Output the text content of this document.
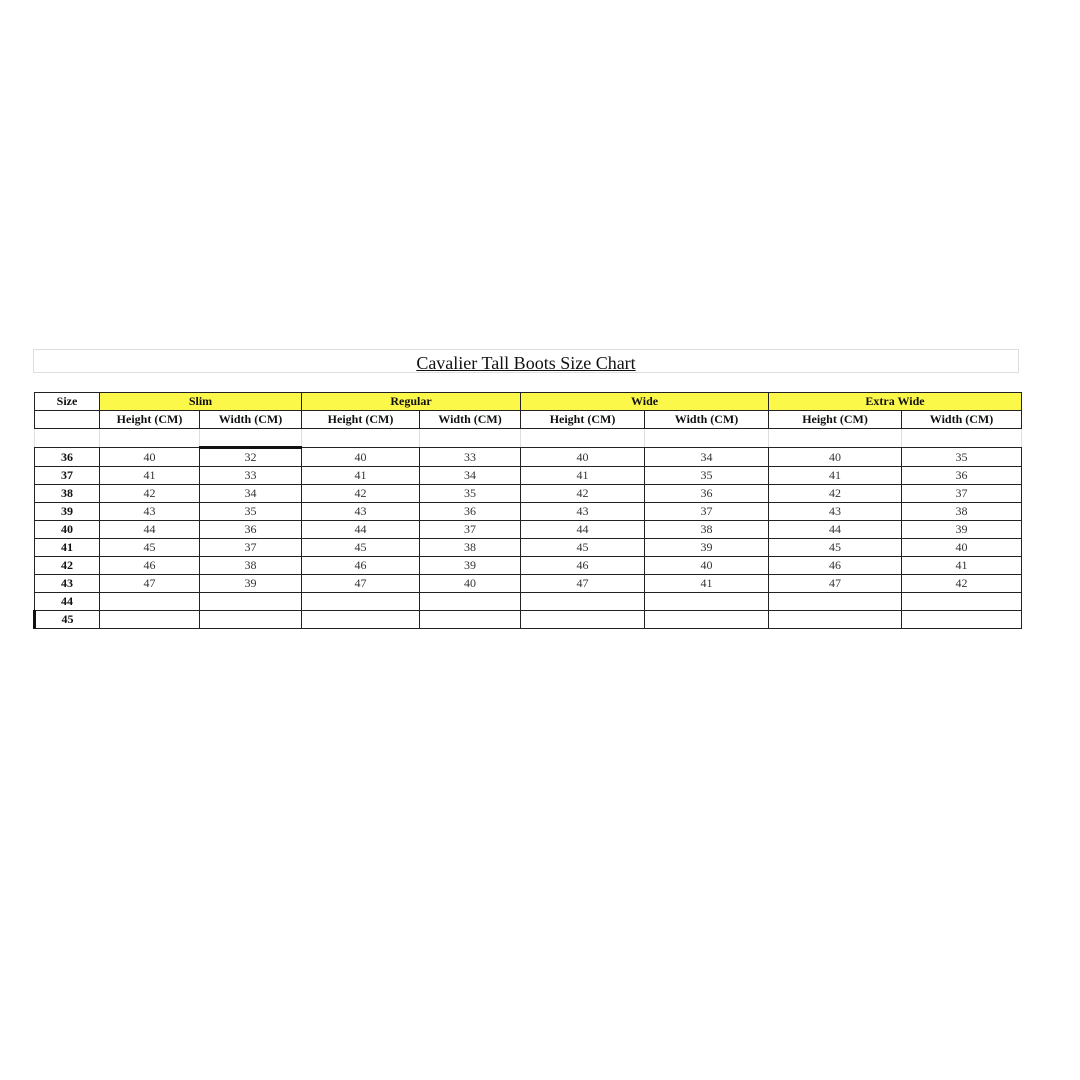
Cavalier Tall Boots Size Chart
Size	Slim		Regular		Wide		Extra Wide	
	Height (CM)	Width (CM)	Height (CM)	Width (CM)	Height (CM)	Width (CM)	Height (CM)	Width (CM)

36	40	32	40	33	40	34	40	35
37	41	33	41	34	41	35	41	36
38	42	34	42	35	42	36	42	37
39	43	35	43	36	43	37	43	38
40	44	36	44	37	44	38	44	39
41	45	37	45	38	45	39	45	40
42	46	38	46	39	46	40	46	41
43	47	39	47	40	47	41	47	42
44								
45								
